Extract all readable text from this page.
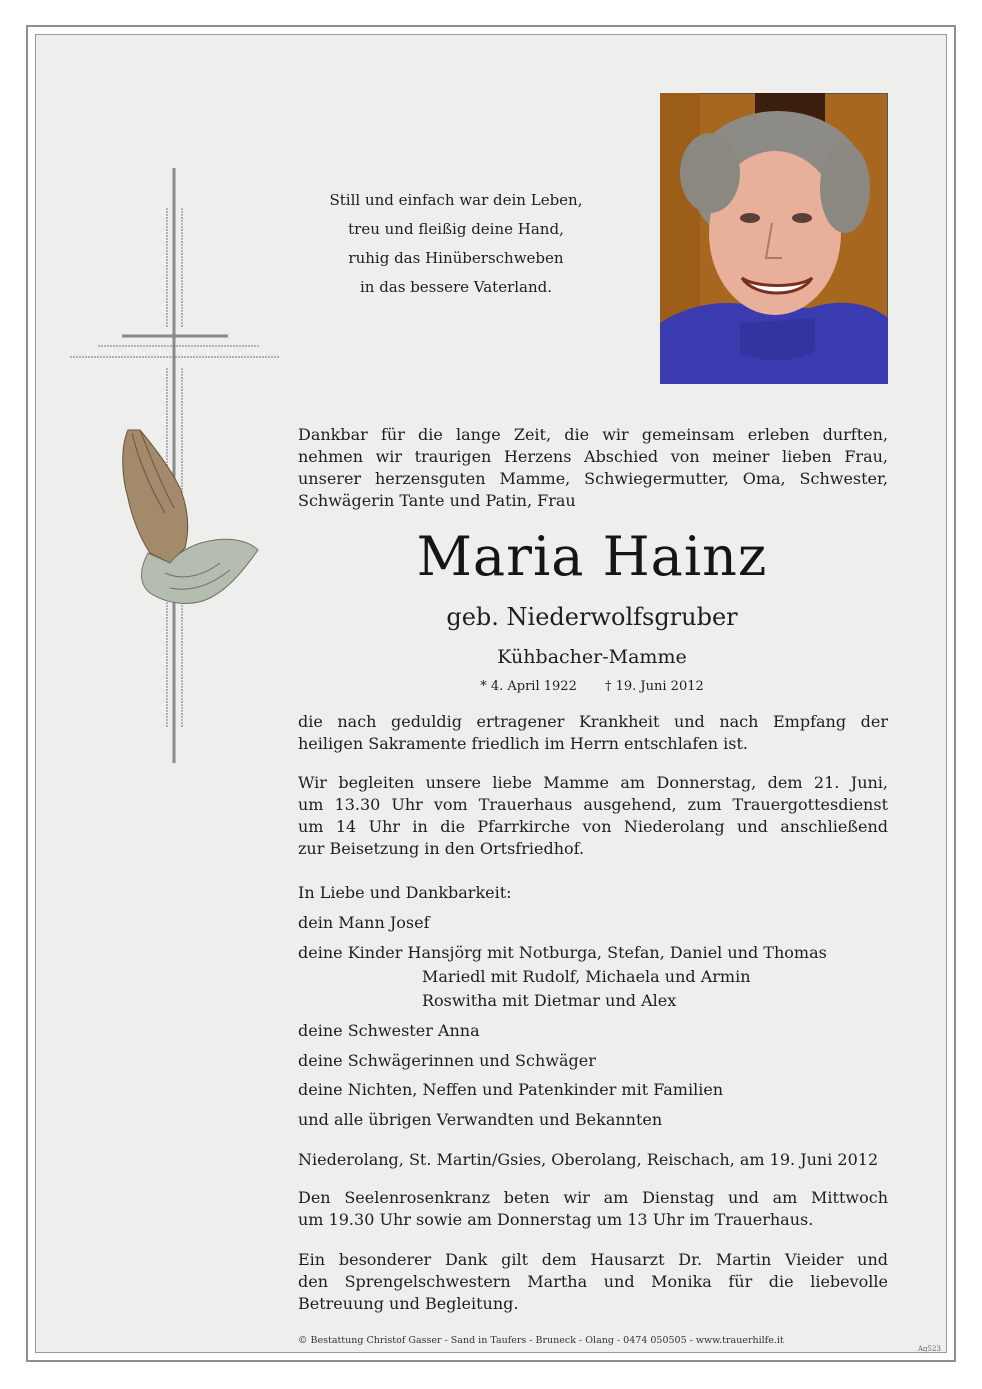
Still und einfach war dein Leben,
treu und fleißig deine Hand,
ruhig das Hinüberschweben
in das bessere Vaterland.
Dankbar für die lange Zeit, die wir gemeinsam erleben durften,
nehmen wir traurigen Herzens Abschied von meiner lieben Frau,
unserer herzensguten Mamme, Schwiegermutter, Oma, Schwester,
Schwägerin Tante und Patin, Frau
Maria Hainz
geb. Niederwolfsgruber
Kühbacher-Mamme
* 4. April 1922 † 19. Juni 2012
die nach geduldig ertragener Krankheit und nach Empfang der
heiligen Sakramente friedlich im Herrn entschlafen ist.
Wir begleiten unsere liebe Mamme am Donnerstag, dem 21. Juni,
um 13.30 Uhr vom Trauerhaus ausgehend, zum Trauergottesdienst
um 14 Uhr in die Pfarrkirche von Niederolang und anschließend
zur Beisetzung in den Ortsfriedhof.
In Liebe und Dankbarkeit:
dein Mann Josef
deine Kinder Hansjörg mit Notburga, Stefan, Daniel und Thomas
Mariedl mit Rudolf, Michaela und Armin
Roswitha mit Dietmar und Alex
deine Schwester Anna
deine Schwägerinnen und Schwäger
deine Nichten, Neffen und Patenkinder mit Familien
und alle übrigen Verwandten und Bekannten
Niederolang, St. Martin/Gsies, Oberolang, Reischach, am 19. Juni 2012
Den Seelenrosenkranz beten wir am Dienstag und am Mittwoch
um 19.30 Uhr sowie am Donnerstag um 13 Uhr im Trauerhaus.
Ein besonderer Dank gilt dem Hausarzt Dr. Martin Vieider und
den Sprengelschwestern Martha und Monika für die liebevolle
Betreuung und Begleitung.
© Bestattung Christof Gasser - Sand in Taufers - Bruneck - Olang - 0474 050505 - www.trauerhilfe.it
Ag523
